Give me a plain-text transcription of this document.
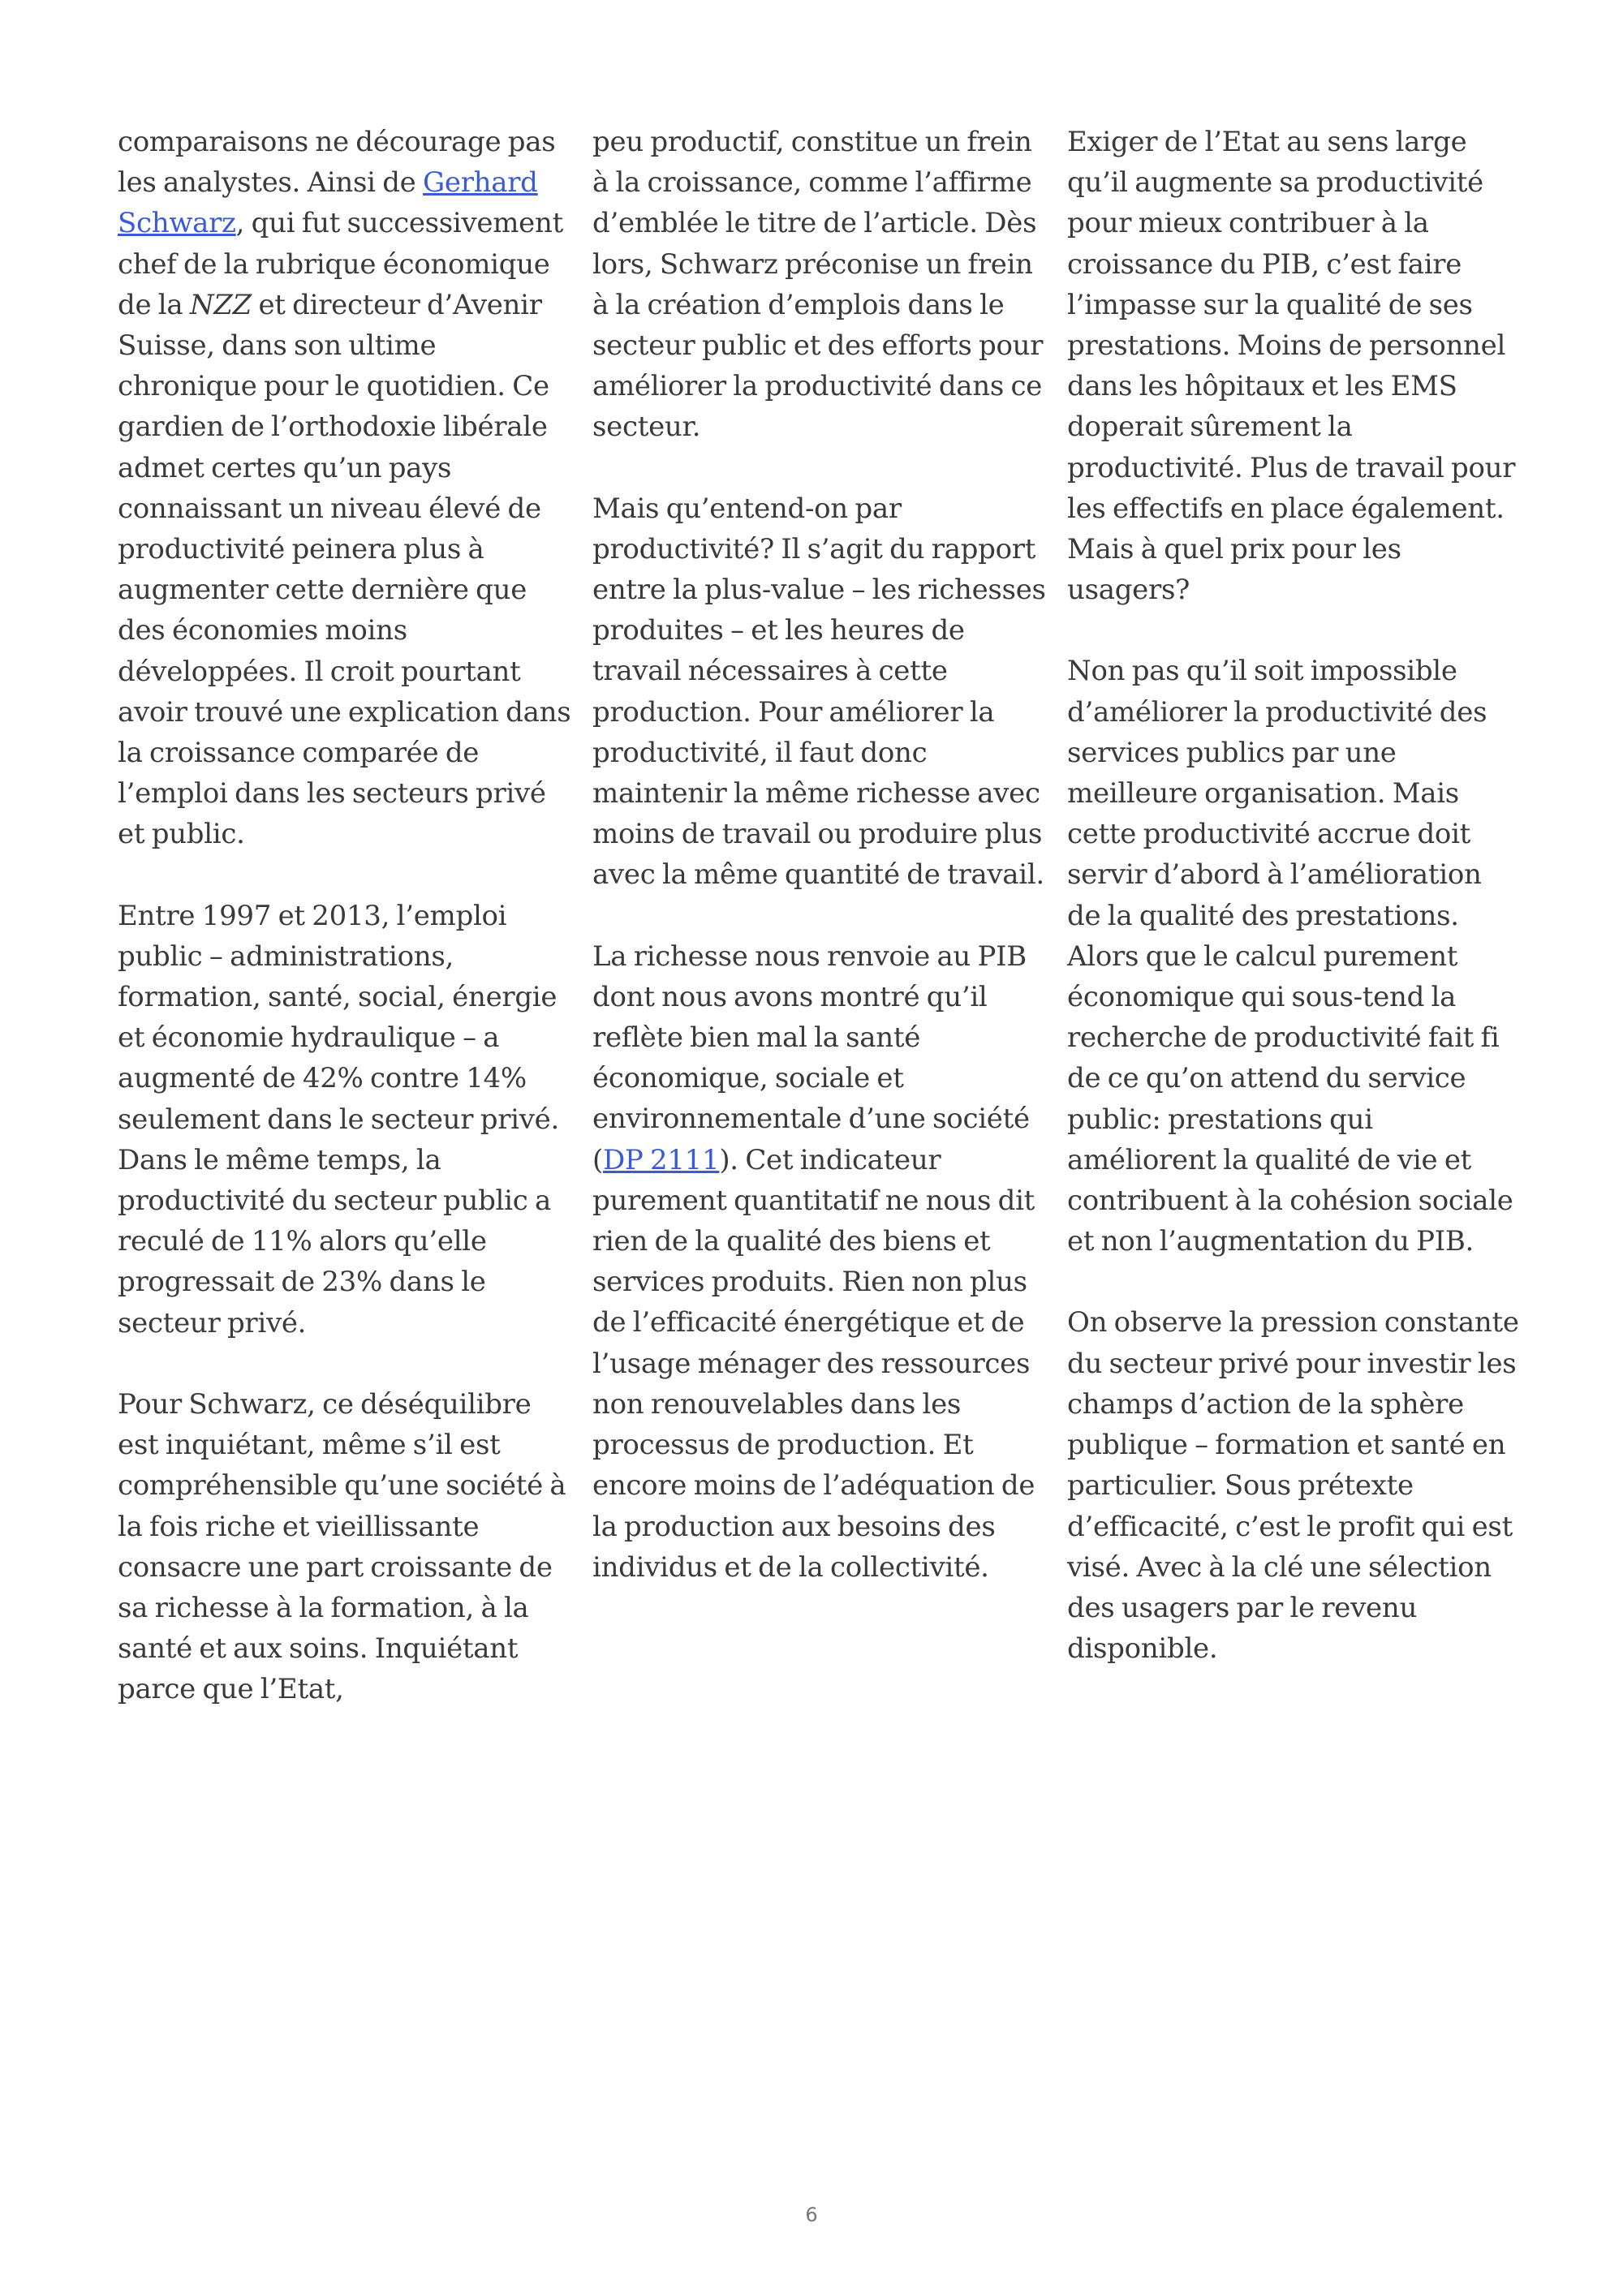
comparaisons ne décourage pas les analystes. Ainsi de Gerhard Schwarz, qui fut successivement chef de la rubrique économique de la NZZ et directeur d’Avenir Suisse, dans son ultime chronique pour le quotidien. Ce gardien de l’orthodoxie libérale admet certes qu’un pays connaissant un niveau élevé de productivité peinera plus à augmenter cette dernière que des économies moins développées. Il croit pourtant avoir trouvé une explication dans la croissance comparée de l’emploi dans les secteurs privé et public.

Entre 1997 et 2013, l’emploi public – administrations, formation, santé, social, énergie et économie hydraulique – a augmenté de 42% contre 14% seulement dans le secteur privé. Dans le même temps, la productivité du secteur public a reculé de 11% alors qu’elle progressait de 23% dans le secteur privé.

Pour Schwarz, ce déséquilibre est inquiétant, même s’il est compréhensible qu’une société à la fois riche et vieillissante consacre une part croissante de sa richesse à la formation, à la santé et aux soins. Inquiétant parce que l’Etat,

peu productif, constitue un frein à la croissance, comme l’affirme d’emblée le titre de l’article. Dès lors, Schwarz préconise un frein à la création d’emplois dans le secteur public et des efforts pour améliorer la productivité dans ce secteur.

Mais qu’entend-on par productivité? Il s’agit du rapport entre la plus-value – les richesses produites – et les heures de travail nécessaires à cette production. Pour améliorer la productivité, il faut donc maintenir la même richesse avec moins de travail ou produire plus avec la même quantité de travail.

La richesse nous renvoie au PIB dont nous avons montré qu’il reflète bien mal la santé économique, sociale et environnementale d’une société (DP 2111). Cet indicateur purement quantitatif ne nous dit rien de la qualité des biens et services produits. Rien non plus de l’efficacité énergétique et de l’usage ménager des ressources non renouvelables dans les processus de production. Et encore moins de l’adéquation de la production aux besoins des individus et de la collectivité.

Exiger de l’Etat au sens large qu’il augmente sa productivité pour mieux contribuer à la croissance du PIB, c’est faire l’impasse sur la qualité de ses prestations. Moins de personnel dans les hôpitaux et les EMS doperait sûrement la productivité. Plus de travail pour les effectifs en place également. Mais à quel prix pour les usagers?

Non pas qu’il soit impossible d’améliorer la productivité des services publics par une meilleure organisation. Mais cette productivité accrue doit servir d’abord à l’amélioration de la qualité des prestations. Alors que le calcul purement économique qui sous-tend la recherche de productivité fait fi de ce qu’on attend du service public: prestations qui améliorent la qualité de vie et contribuent à la cohésion sociale et non l’augmentation du PIB.

On observe la pression constante du secteur privé pour investir les champs d’action de la sphère publique – formation et santé en particulier. Sous prétexte d’efficacité, c’est le profit qui est visé. Avec à la clé une sélection des usagers par le revenu disponible.

6
